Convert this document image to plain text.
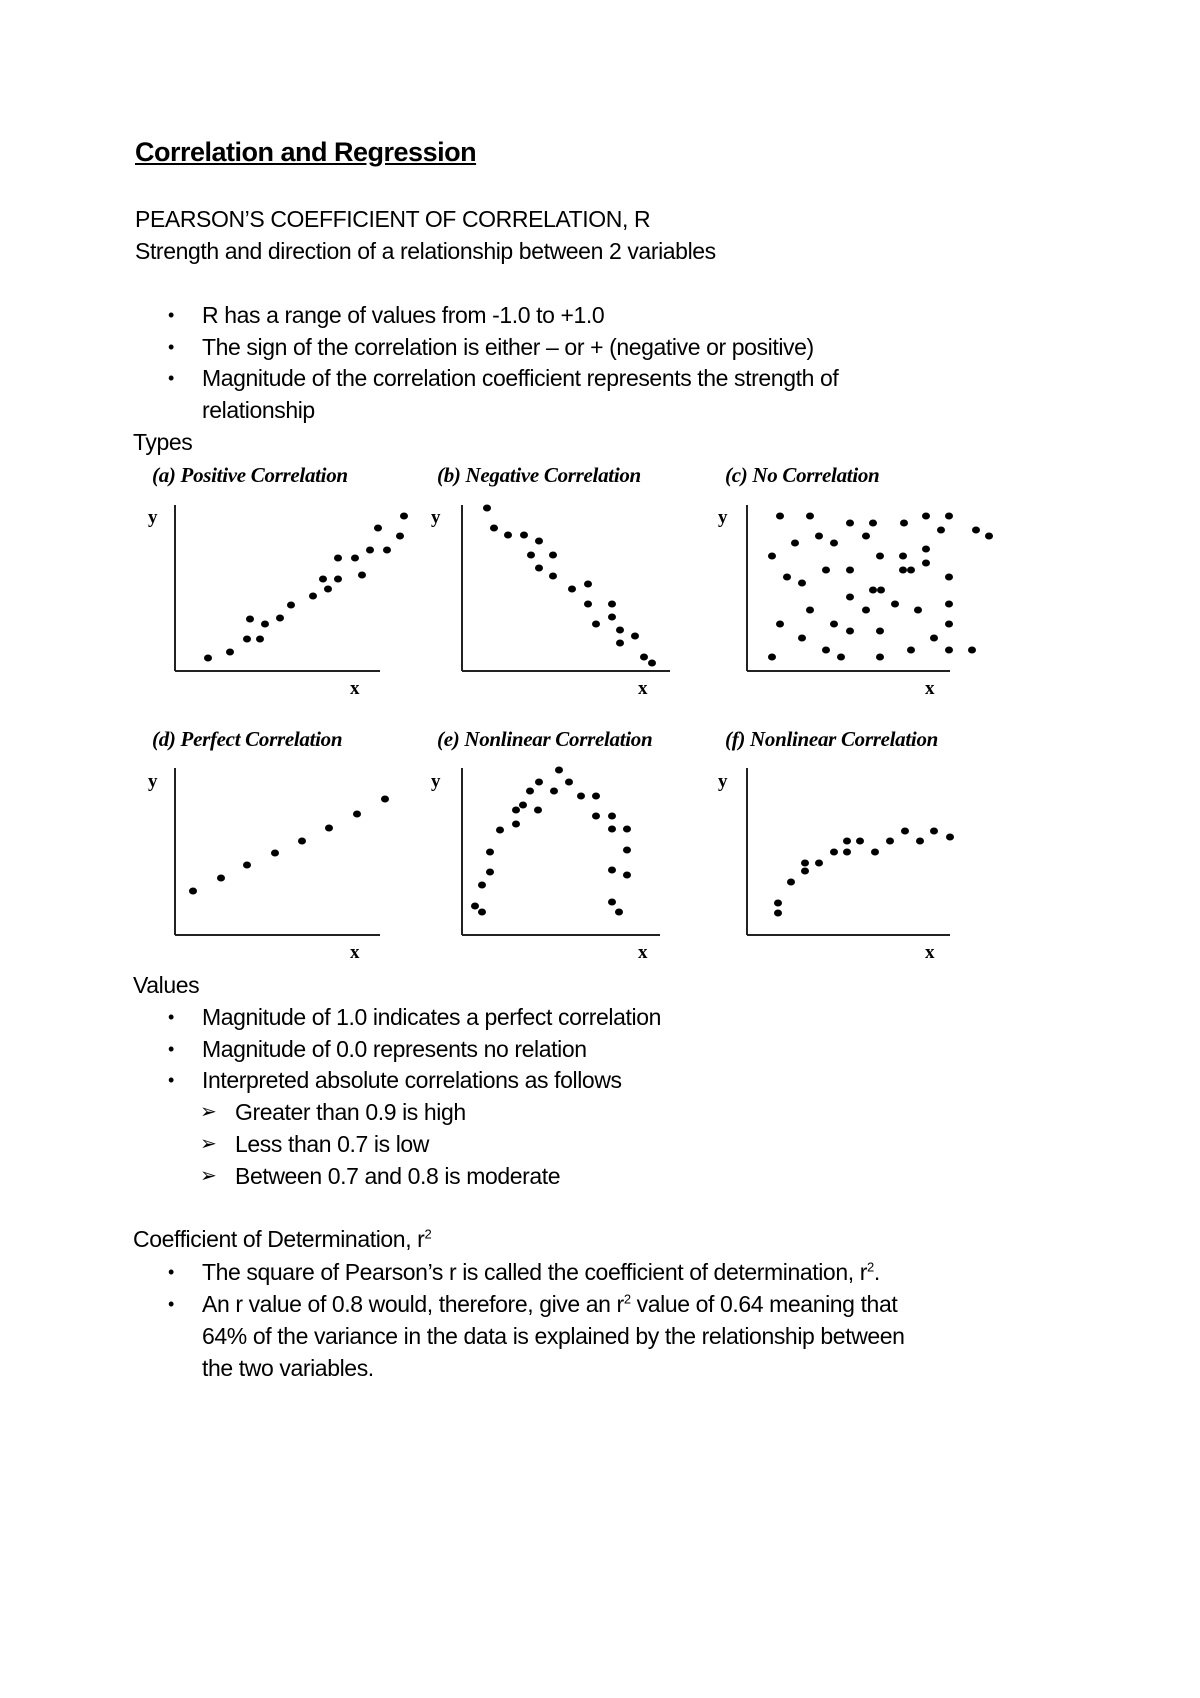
Correlation and Regression
PEARSON’S COEFFICIENT OF CORRELATION, R
Strength and direction of a relationship between 2 variables
• R has a range of values from -1.0 to +1.0
• The sign of the correlation is either – or + (negative or positive)
• Magnitude of the correlation coefficient represents the strength of
relationship
Types
(a) Positive Correlation
y
x
(b) Negative Correlation
y
x
(c) No Correlation
y
x
(d) Perfect Correlation
y
x
(e) Nonlinear Correlation
y
x
(f) Nonlinear Correlation
y
x
Values
• Magnitude of 1.0 indicates a perfect correlation
• Magnitude of 0.0 represents no relation
• Interpreted absolute correlations as follows
➢ Greater than 0.9 is high
➢ Less than 0.7 is low
➢ Between 0.7 and 0.8 is moderate
Coefficient of Determination, $r^2$
• The square of Pearson’s r is called the coefficient of determination, $r^2$.
• An r value of 0.8 would, therefore, give an $r^2$ value of 0.64 meaning that
64% of the variance in the data is explained by the relationship between
the two variables.
